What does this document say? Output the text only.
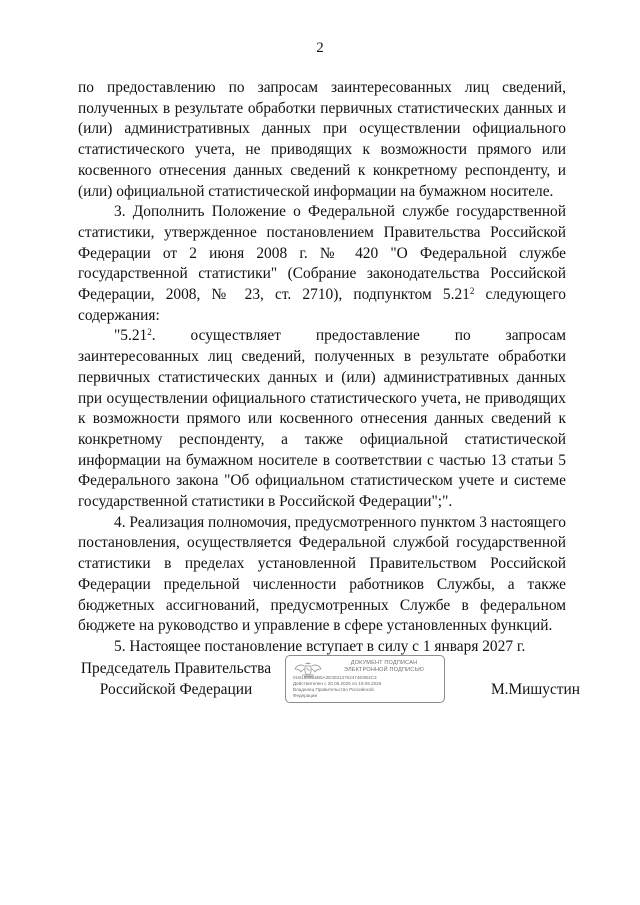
2

по предоставлению по запросам заинтересованных лиц сведений, полученных в результате обработки первичных статистических данных и (или) административных данных при осуществлении официального статистического учета, не приводящих к возможности прямого или косвенного отнесения данных сведений к конкретному респонденту, и (или) официальной статистической информации на бумажном носителе.

3. Дополнить Положение о Федеральной службе государственной статистики, утвержденное постановлением Правительства Российской Федерации от 2 июня 2008 г. № 420 "О Федеральной службе государственной статистики" (Собрание законодательства Российской Федерации, 2008, № 23, ст. 2710), подпунктом 5.21$^2$ следующего содержания:

"5.21$^2$. осуществляет предоставление по запросам заинтересованных лиц сведений, полученных в результате обработки первичных статистических данных и (или) административных данных при осуществлении официального статистического учета, не приводящих к возможности прямого или косвенного отнесения данных сведений к конкретному респонденту, а также официальной статистической информации на бумажном носителе в соответствии с частью 13 статьи 5 Федерального закона "Об официальном статистическом учете и системе государственной статистики в Российской Федерации";".

4. Реализация полномочия, предусмотренного пунктом 3 настоящего постановления, осуществляется Федеральной службой государственной статистики в пределах установленной Правительством Российской Федерации предельной численности работников Службы, а также бюджетных ассигнований, предусмотренных Службе в федеральном бюджете на руководство и управление в сфере установленных функций.

5. Настоящее постановление вступает в силу с 1 января 2027 г.

Председатель Правительства
Российской Федерации
ДОКУМЕНТ ПОДПИСАН
ЭЛЕКТРОННОЙ ПОДПИСЬЮ
01B1688B5B5A2E30313762474E0B4C3
Действителен с 20.06.2025 по 19.09.2026
Владелец Правительство Российской
Федерации	М.Мишустин
